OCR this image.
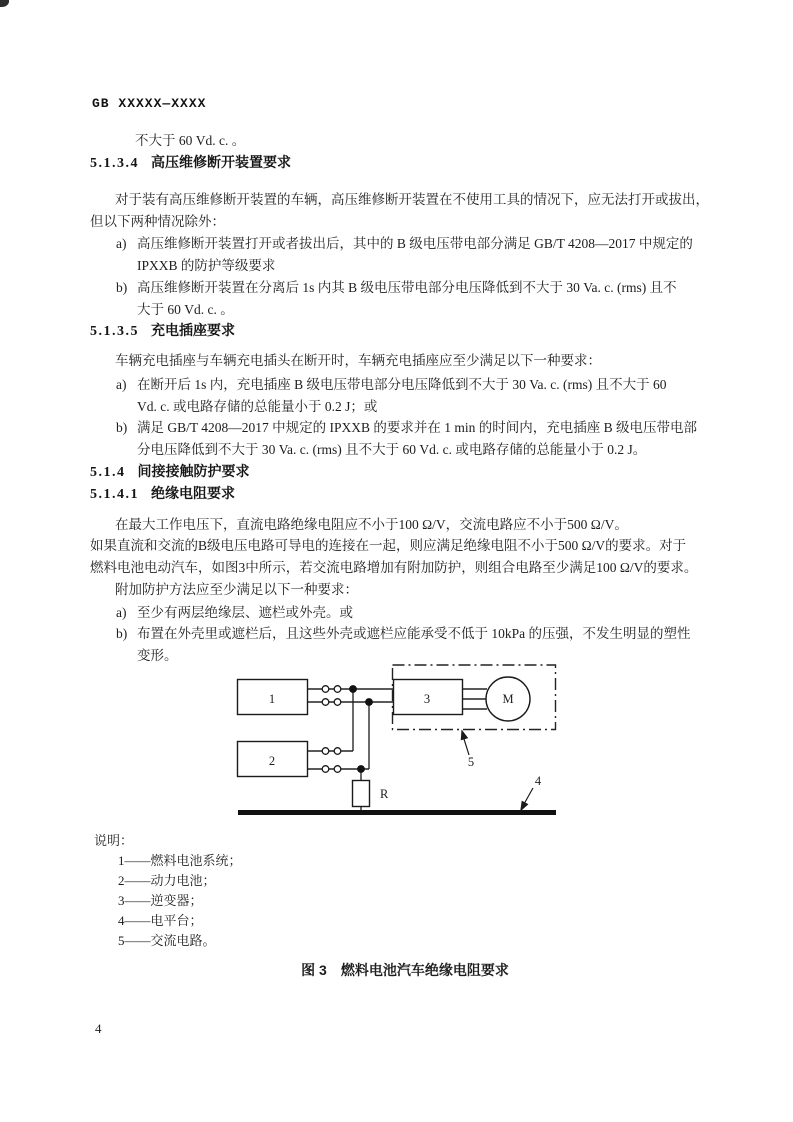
GB XXXXX—XXXX
不大于 60 Vd. c. 。
5.1.3.4 高压维修断开装置要求
对于装有高压维修断开装置的车辆，高压维修断开装置在不使用工具的情况下，应无法打开或拔出，
但以下两种情况除外：
a) 高压维修断开装置打开或者拔出后，其中的 B 级电压带电部分满足 GB/T 4208—2017 中规定的
IPXXB 的防护等级要求
b) 高压维修断开装置在分离后 1s 内其 B 级电压带电部分电压降低到不大于 30 Va. c. (rms) 且不
大于 60 Vd. c. 。
5.1.3.5 充电插座要求
车辆充电插座与车辆充电插头在断开时，车辆充电插座应至少满足以下一种要求：
a) 在断开后 1s 内，充电插座 B 级电压带电部分电压降低到不大于 30 Va. c. (rms) 且不大于 60
Vd. c. 或电路存储的总能量小于 0.2 J；或
b) 满足 GB/T 4208—2017 中规定的 IPXXB 的要求并在 1 min 的时间内，充电插座 B 级电压带电部
分电压降低到不大于 30 Va. c. (rms) 且不大于 60 Vd. c. 或电路存储的总能量小于 0.2 J。
5.1.4 间接接触防护要求
5.1.4.1 绝缘电阻要求
在最大工作电压下，直流电路绝缘电阻应不小于100 Ω/V，交流电路应不小于500 Ω/V。
如果直流和交流的B级电压电路可导电的连接在一起，则应满足绝缘电阻不小于500 Ω/V的要求。对于
燃料电池电动汽车，如图3中所示，若交流电路增加有附加防护，则组合电路至少满足100 Ω/V的要求。
附加防护方法应至少满足以下一种要求：
a) 至少有两层绝缘层、遮栏或外壳。或
b) 布置在外壳里或遮栏后，且这些外壳或遮栏应能承受不低于 10kPa 的压强，不发生明显的塑性
变形。
1
2
3	M
R
5
4
说明：
1——燃料电池系统；
2——动力电池；
3——逆变器；
4——电平台；
5——交流电路。
图 3　燃料电池汽车绝缘电阻要求
4
